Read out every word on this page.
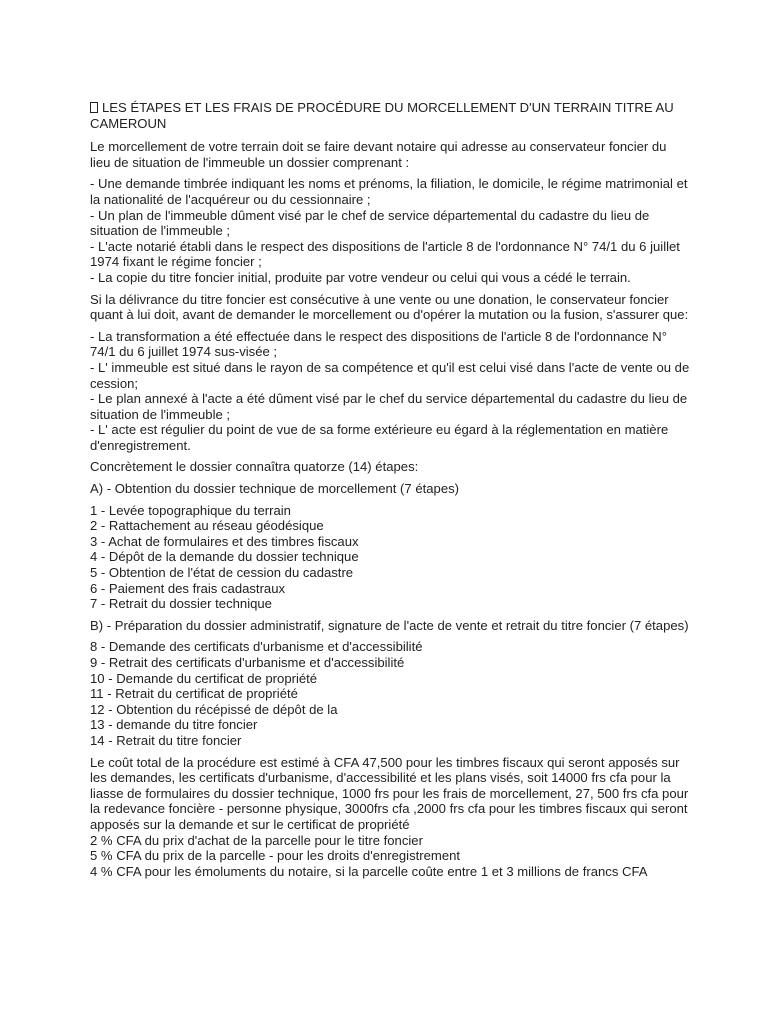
LES ÉTAPES ET LES FRAIS DE PROCÉDURE DU MORCELLEMENT D'UN TERRAIN TITRE AU CAMEROUN

Le morcellement de votre terrain doit se faire devant notaire qui adresse au conservateur foncier du lieu de situation de l'immeuble un dossier comprenant :

- Une demande timbrée indiquant les noms et prénoms, la filiation, le domicile, le régime matrimonial et la nationalité de l'acquéreur ou du cessionnaire ;
- Un plan de l'immeuble dûment visé par le chef de service départemental du cadastre du lieu de situation de l'immeuble ;
- L'acte notarié établi dans le respect des dispositions de l'article 8 de l'ordonnance N° 74/1 du 6 juillet 1974 fixant le régime foncier ;
- La copie du titre foncier initial, produite par votre vendeur ou celui qui vous a cédé le terrain.

Si la délivrance du titre foncier est consécutive à une vente ou une donation, le conservateur foncier quant à lui doit, avant de demander le morcellement ou d'opérer la mutation ou la fusion, s'assurer que:

- La transformation a été effectuée dans le respect des dispositions de l'article 8 de l'ordonnance N° 74/1 du 6 juillet 1974 sus-visée ;
- L' immeuble est situé dans le rayon de sa compétence et qu'il est celui visé dans l'acte de vente ou de cession;
- Le plan annexé à l'acte a été dûment visé par le chef du service départemental du cadastre du lieu de situation de l'immeuble ;
- L' acte est régulier du point de vue de sa forme extérieure eu égard à la réglementation en matière d'enregistrement.

Concrètement le dossier connaîtra quatorze (14) étapes:

A) - Obtention du dossier technique de morcellement (7 étapes)

1 - Levée topographique du terrain
2 - Rattachement au réseau géodésique
3 - Achat de formulaires et des timbres fiscaux
4 - Dépôt de la demande du dossier technique
5 - Obtention de l'état de cession du cadastre
6 - Paiement des frais cadastraux
7 - Retrait du dossier technique

B) - Préparation du dossier administratif, signature de l'acte de vente et retrait du titre foncier (7 étapes)

8 - Demande des certificats d'urbanisme et d'accessibilité
9 - Retrait des certificats d'urbanisme et d'accessibilité
10 - Demande du certificat de propriété
11 - Retrait du certificat de propriété
12 - Obtention du récépissé de dépôt de la
13 - demande du titre foncier
14 - Retrait du titre foncier

Le coût total de la procédure est estimé à CFA 47,500 pour les timbres fiscaux qui seront apposés sur les demandes, les certificats d'urbanisme, d'accessibilité et les plans visés, soit 14000 frs cfa pour la liasse de formulaires du dossier technique, 1000 frs pour les frais de morcellement, 27, 500 frs cfa pour la redevance foncière - personne physique, 3000frs cfa ,2000 frs cfa pour les timbres fiscaux qui seront apposés sur la demande et sur le certificat de propriété
2 % CFA du prix d'achat de la parcelle pour le titre foncier
5 % CFA du prix de la parcelle - pour les droits d'enregistrement
4 % CFA pour les émoluments du notaire, si la parcelle coûte entre 1 et 3 millions de francs CFA
